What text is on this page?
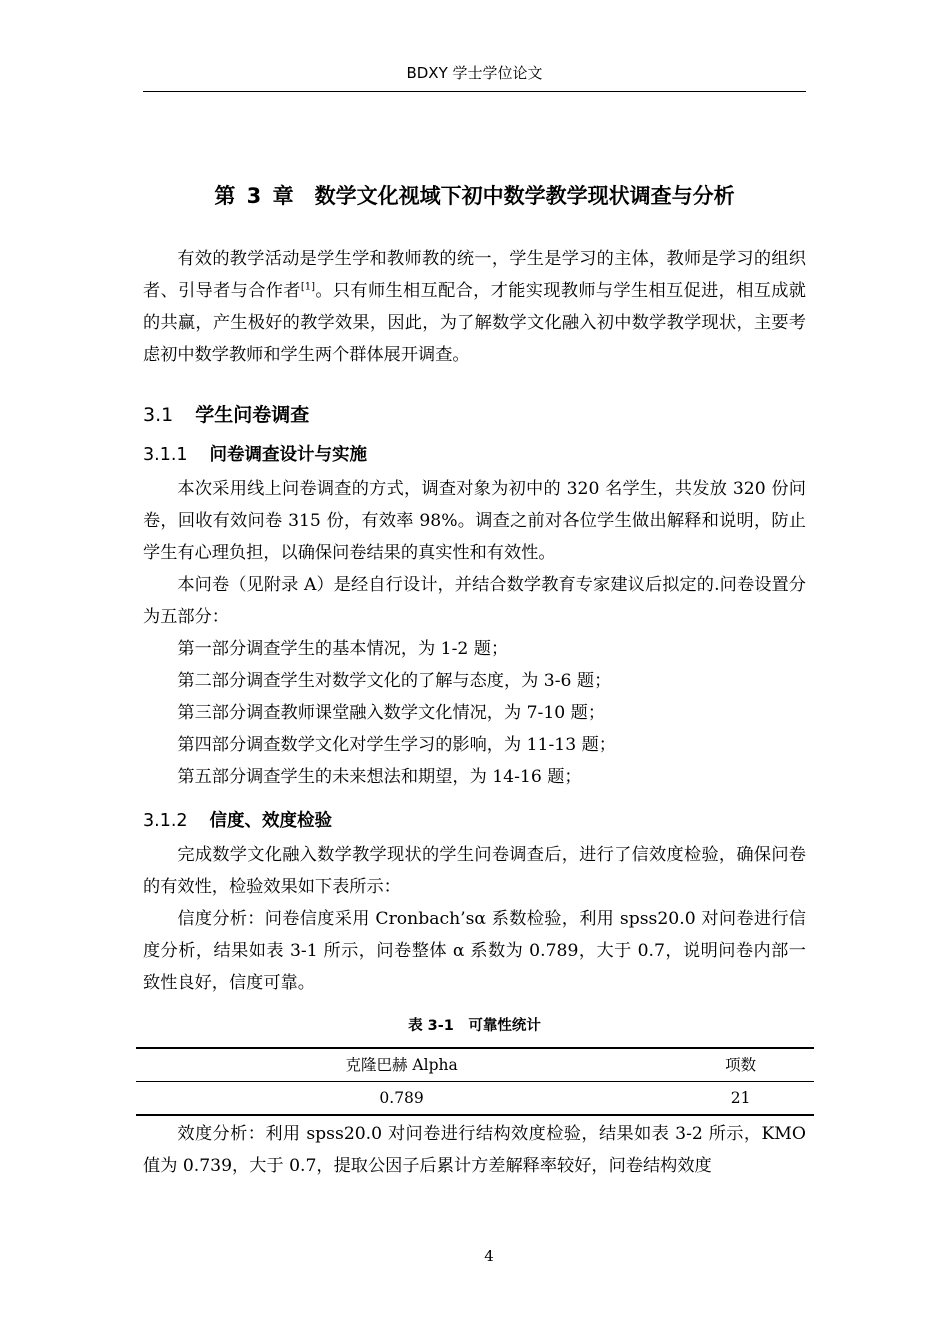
BDXY 学士学位论文
第 3 章　数学文化视域下初中数学教学现状调查与分析

有效的教学活动是学生学和教师教的统一，学生是学习的主体，教师是学习的组织者、引导者与合作者[1]。只有师生相互配合，才能实现教师与学生相互促进，相互成就的共赢，产生极好的教学效果，因此，为了解数学文化融入初中数学教学现状，主要考虑初中数学教师和学生两个群体展开调查。

3.1 学生问卷调查
3.1.1 问卷调查设计与实施

本次采用线上问卷调查的方式，调查对象为初中的 320 名学生，共发放 320 份问卷，回收有效问卷 315 份，有效率 98%。调查之前对各位学生做出解释和说明，防止学生有心理负担，以确保问卷结果的真实性和有效性。

本问卷（见附录 A）是经自行设计，并结合数学教育专家建议后拟定的.问卷设置分为五部分：

第一部分调查学生的基本情况，为 1-2 题；

第二部分调查学生对数学文化的了解与态度，为 3-6 题；

第三部分调查教师课堂融入数学文化情况，为 7-10 题；

第四部分调查数学文化对学生学习的影响，为 11-13 题；

第五部分调查学生的未来想法和期望，为 14-16 题；

3.1.2 信度、效度检验

完成数学文化融入数学教学现状的学生问卷调查后，进行了信效度检验，确保问卷的有效性，检验效果如下表所示：

信度分析：问卷信度采用 Cronbach’sα 系数检验，利用 spss20.0 对问卷进行信度分析，结果如表 3-1 所示，问卷整体 α 系数为 0.789，大于 0.7，说明问卷内部一致性良好，信度可靠。

表 3-1　可靠性统计
克隆巴赫 Alpha	项数
0.789	21

效度分析：利用 spss20.0 对问卷进行结构效度检验，结果如表 3-2 所示，KMO 值为 0.739，大于 0.7，提取公因子后累计方差解释率较好，问卷结构效度

4
